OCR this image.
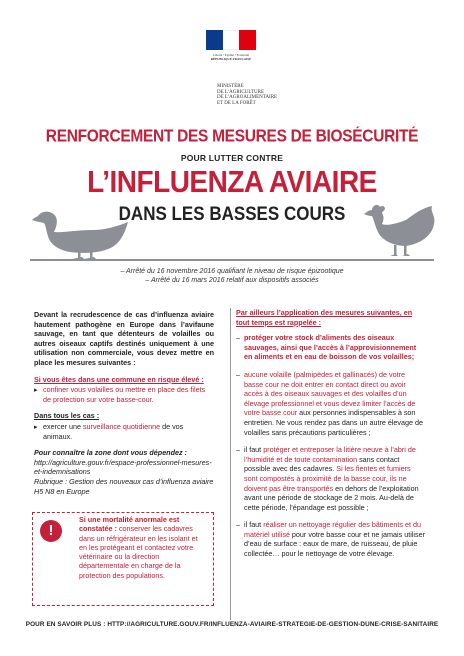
Liberté • Égalité • Fraternité
RÉPUBLIQUE FRANÇAISE
MINISTÈRE
DE L’AGRICULTURE
DE L’AGROALIMENTAIRE
ET DE LA FORÊT
RENFORCEMENT DES MESURES DE BIOSÉCURITÉ
POUR LUTTER CONTRE
L’INFLUENZA AVIAIRE
DANS LES BASSES COURS
– Arrêté du 16 novembre 2016 qualifiant le niveau de risque épizootique
– Arrêté du 16 mars 2016 relatif aux dispositifs associés

Devant la recrudescence de cas d’influenza aviaire hautement pathogène en Europe dans l’avifaune sauvage, en tant que détenteurs de volailles ou autres oiseaux captifs destinés uniquement à une utilisation non commerciale, vous devez mettre en place les mesures suivantes :

Si vous êtes dans une commune en risque élevé :
▸ confiner vous volailles ou mettre en place des filets de protection sur votre basse-cour.
Dans tous les cas :
▸ exercer une surveillance quotidienne de vos animaux.
Pour connaître la zone dont vous dépendez :
http://agriculture.gouv.fr/espace-professionnel-mesures-et-indemnisations
Rubrique : Gestion des nouveaux cas d’influenza aviaire H5 N8 en Europe
!
Si une mortalité anormale est constatée : conserver les cadavres dans un réfrigérateur en les isolant et en les protégeant et contactez votre vétérinaire ou la direction départementale en charge de la protection des populations.

Par ailleurs l’application des mesures suivantes, en tout temps est rappelée :

– protéger votre stock d’aliments des oiseaux sauvages, ainsi que l’accès à l’approvisionnement en aliments et en eau de boisson de vos volailles;
– aucune volaille (palmipèdes et gallinacés) de votre basse cour ne doit entrer en contact direct ou avoir accès à des oiseaux sauvages et des volailles d’un élevage professionnel et vous devez limiter l’accès de votre basse cour aux personnes indispensables à son entretien. Ne vous rendez pas dans un autre élevage de volailles sans précautions particulières ;
– il faut protéger et entreposer la litière neuve à l’abri de l’humidité et de toute contamination sans contact possible avec des cadavres. Si les fientes et fumiers sont compostés à proximité de la basse cour, ils ne doivent pas être transportés en dehors de l’exploitation avant une période de stockage de 2 mois. Au-delà de cette période, l’épandage est possible ;
– il faut réaliser un nettoyage régulier des bâtiments et du matériel utilisé pour votre basse cour et ne jamais utiliser d’eau de surface : eaux de mare, de ruisseau, de pluie collectée… pour le nettoyage de votre élevage.
POUR EN SAVOIR PLUS : HTTP://AGRICULTURE.GOUV.FR/INFLUENZA-AVIAIRE-STRATEGIE-DE-GESTION-DUNE-CRISE-SANITAIRE
